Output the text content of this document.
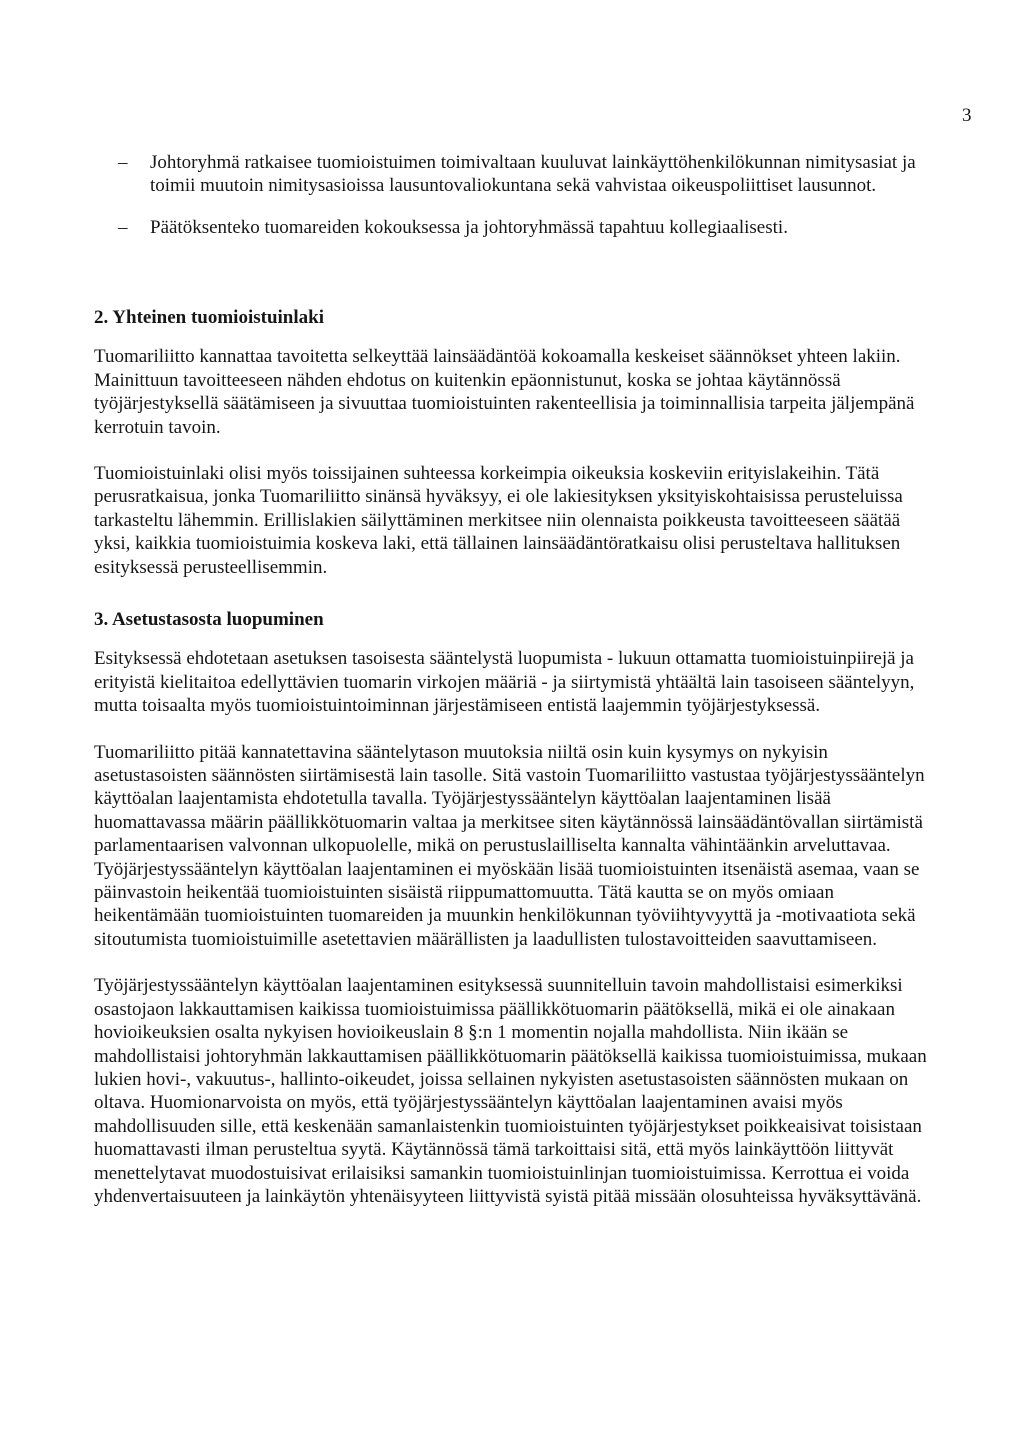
3
– Johtoryhmä ratkaisee tuomioistuimen toimivaltaan kuuluvat lainkäyttöhenkilökunnan nimitysasiat ja toimii muutoin nimitysasioissa lausuntovaliokuntana sekä vahvistaa oikeuspoliittiset lausunnot.
– Päätöksenteko tuomareiden kokouksessa ja johtoryhmässä tapahtuu kollegiaalisesti.

2. Yhteinen tuomioistuinlaki

Tuomariliitto kannattaa tavoitetta selkeyttää lainsäädäntöä kokoamalla keskeiset säännökset yhteen lakiin. Mainittuun tavoitteeseen nähden ehdotus on kuitenkin epäonnistunut, koska se johtaa käytännössä työjärjestyksellä säätämiseen ja sivuuttaa tuomioistuinten rakenteellisia ja toiminnallisia tarpeita jäljempänä kerrotuin tavoin.

Tuomioistuinlaki olisi myös toissijainen suhteessa korkeimpia oikeuksia koskeviin erityislakeihin. Tätä perusratkaisua, jonka Tuomariliitto sinänsä hyväksyy, ei ole lakiesityksen yksityiskohtaisissa perusteluissa tarkasteltu lähemmin. Erillislakien säilyttäminen merkitsee niin olennaista poikkeusta tavoitteeseen säätää yksi, kaikkia tuomioistuimia koskeva laki, että tällainen lainsäädäntöratkaisu olisi perusteltava hallituksen esityksessä perusteellisemmin.

3. Asetustasosta luopuminen

Esityksessä ehdotetaan asetuksen tasoisesta sääntelystä luopumista - lukuun ottamatta tuomioistuinpiirejä ja erityistä kielitaitoa edellyttävien tuomarin virkojen määriä - ja siirtymistä yhtäältä lain tasoiseen sääntelyyn, mutta toisaalta myös tuomioistuintoiminnan järjestämiseen entistä laajemmin työjärjestyksessä.

Tuomariliitto pitää kannatettavina sääntelytason muutoksia niiltä osin kuin kysymys on nykyisin asetustasoisten säännösten siirtämisestä lain tasolle. Sitä vastoin Tuomariliitto vastustaa työjärjestyssääntelyn käyttöalan laajentamista ehdotetulla tavalla. Työjärjestyssääntelyn käyttöalan laajentaminen lisää huomattavassa määrin päällikkötuomarin valtaa ja merkitsee siten käytännössä lainsäädäntövallan siirtämistä parlamentaarisen valvonnan ulkopuolelle, mikä on perustuslailliselta kannalta vähintäänkin arveluttavaa. Työjärjestyssääntelyn käyttöalan laajentaminen ei myöskään lisää tuomioistuinten itsenäistä asemaa, vaan se päinvastoin heikentää tuomioistuinten sisäistä riippumattomuutta. Tätä kautta se on myös omiaan heikentämään tuomioistuinten tuomareiden ja muunkin henkilökunnan työviihtyvyyttä ja -motivaatiota sekä sitoutumista tuomioistuimille asetettavien määrällisten ja laadullisten tulostavoitteiden saavuttamiseen.

Työjärjestyssääntelyn käyttöalan laajentaminen esityksessä suunnitelluin tavoin mahdollistaisi esimerkiksi osastojaon lakkauttamisen kaikissa tuomioistuimissa päällikkötuomarin päätöksellä, mikä ei ole ainakaan hovioikeuksien osalta nykyisen hovioikeuslain 8 §:n 1 momentin nojalla mahdollista. Niin ikään se mahdollistaisi johtoryhmän lakkauttamisen päällikkötuomarin päätöksellä kaikissa tuomioistuimissa, mukaan lukien hovi-, vakuutus-, hallinto-oikeudet, joissa sellainen nykyisten asetustasoisten säännösten mukaan on oltava. Huomionarvoista on myös, että työjärjestyssääntelyn käyttöalan laajentaminen avaisi myös mahdollisuuden sille, että keskenään samanlaistenkin tuomioistuinten työjärjestykset poikkeaisivat toisistaan huomattavasti ilman perusteltua syytä. Käytännössä tämä tarkoittaisi sitä, että myös lainkäyttöön liittyvät menettelytavat muodostuisivat erilaisiksi samankin tuomioistuinlinjan tuomioistuimissa. Kerrottua ei voida yhdenvertaisuuteen ja lainkäytön yhtenäisyyteen liittyvistä syistä pitää missään olosuhteissa hyväksyttävänä.
